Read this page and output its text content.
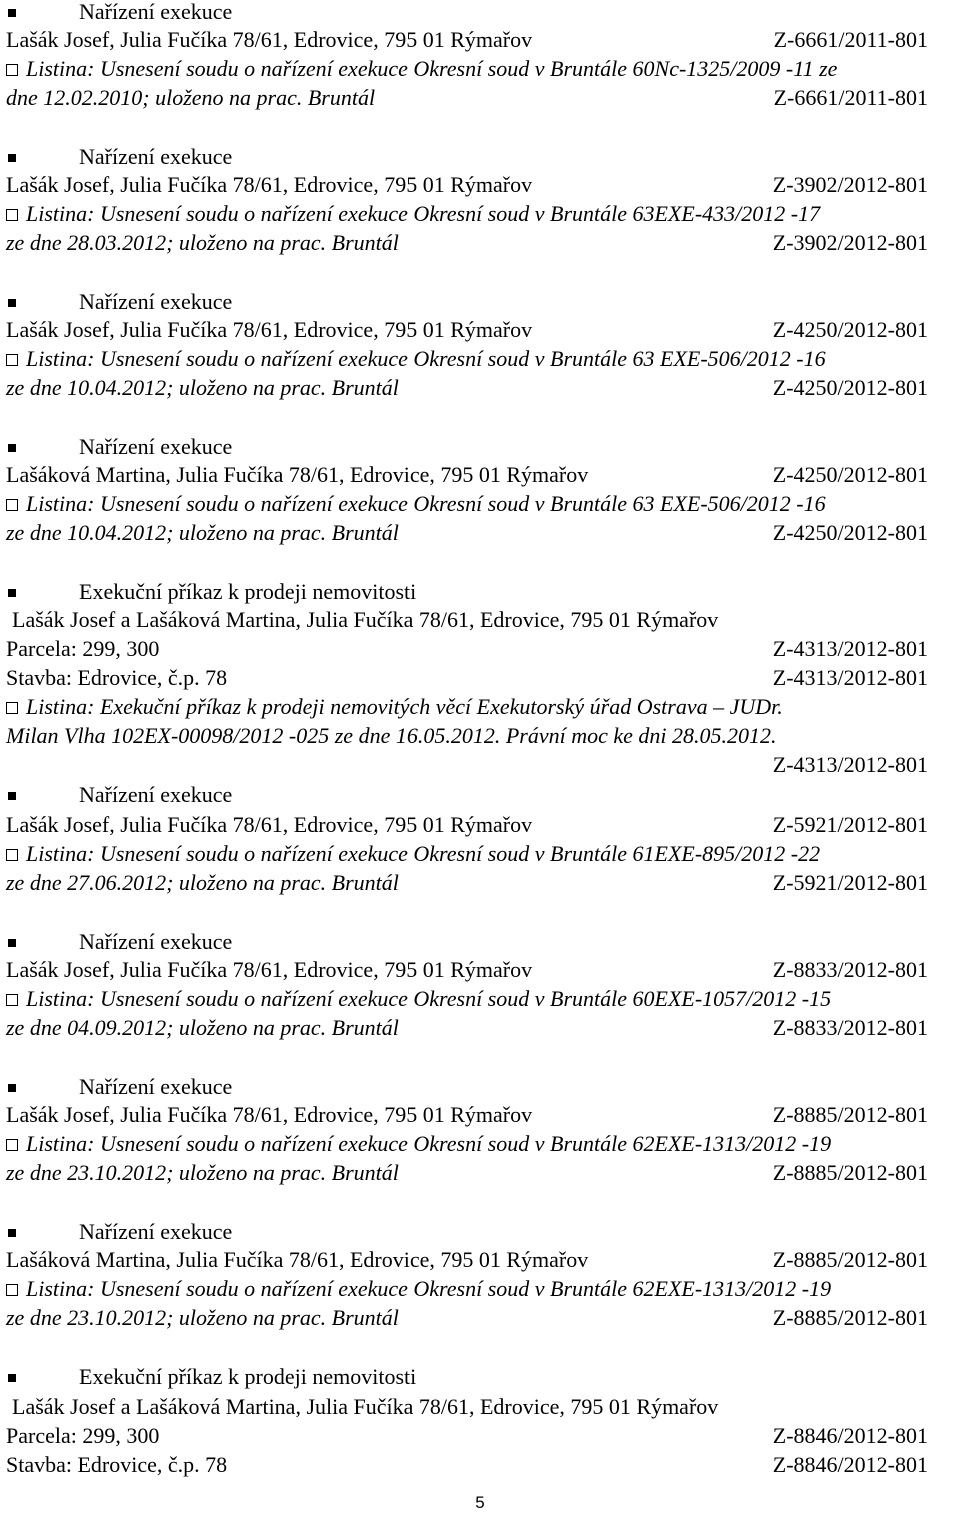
Nařízení exekuce
Lašák Josef, Julia Fučíka 78/61, Edrovice, 795 01 Rýmařov	Z-6661/2011-801
Listina: Usnesení soudu o nařízení exekuce Okresní soud v Bruntále 60Nc-1325/2009 -11 ze
dne 12.02.2010; uloženo na prac. Bruntál	Z-6661/2011-801
Nařízení exekuce
Lašák Josef, Julia Fučíka 78/61, Edrovice, 795 01 Rýmařov	Z-3902/2012-801
Listina: Usnesení soudu o nařízení exekuce Okresní soud v Bruntále 63EXE-433/2012 -17
ze dne 28.03.2012; uloženo na prac. Bruntál	Z-3902/2012-801
Nařízení exekuce
Lašák Josef, Julia Fučíka 78/61, Edrovice, 795 01 Rýmařov	Z-4250/2012-801
Listina: Usnesení soudu o nařízení exekuce Okresní soud v Bruntále 63 EXE-506/2012 -16
ze dne 10.04.2012; uloženo na prac. Bruntál	Z-4250/2012-801
Nařízení exekuce
Lašáková Martina, Julia Fučíka 78/61, Edrovice, 795 01 Rýmařov	Z-4250/2012-801
Listina: Usnesení soudu o nařízení exekuce Okresní soud v Bruntále 63 EXE-506/2012 -16
ze dne 10.04.2012; uloženo na prac. Bruntál	Z-4250/2012-801
Exekuční příkaz k prodeji nemovitosti
Lašák Josef a Lašáková Martina, Julia Fučíka 78/61, Edrovice, 795 01 Rýmařov
Parcela: 299, 300	Z-4313/2012-801
Stavba: Edrovice, č.p. 78	Z-4313/2012-801
Listina: Exekuční příkaz k prodeji nemovitých věcí Exekutorský úřad Ostrava – JUDr.
Milan Vlha 102EX-00098/2012 -025 ze dne 16.05.2012. Právní moc ke dni 28.05.2012.
Z-4313/2012-801
Nařízení exekuce
Lašák Josef, Julia Fučíka 78/61, Edrovice, 795 01 Rýmařov	Z-5921/2012-801
Listina: Usnesení soudu o nařízení exekuce Okresní soud v Bruntále 61EXE-895/2012 -22
ze dne 27.06.2012; uloženo na prac. Bruntál	Z-5921/2012-801
Nařízení exekuce
Lašák Josef, Julia Fučíka 78/61, Edrovice, 795 01 Rýmařov	Z-8833/2012-801
Listina: Usnesení soudu o nařízení exekuce Okresní soud v Bruntále 60EXE-1057/2012 -15
ze dne 04.09.2012; uloženo na prac. Bruntál	Z-8833/2012-801
Nařízení exekuce
Lašák Josef, Julia Fučíka 78/61, Edrovice, 795 01 Rýmařov	Z-8885/2012-801
Listina: Usnesení soudu o nařízení exekuce Okresní soud v Bruntále 62EXE-1313/2012 -19
ze dne 23.10.2012; uloženo na prac. Bruntál	Z-8885/2012-801
Nařízení exekuce
Lašáková Martina, Julia Fučíka 78/61, Edrovice, 795 01 Rýmařov	Z-8885/2012-801
Listina: Usnesení soudu o nařízení exekuce Okresní soud v Bruntále 62EXE-1313/2012 -19
ze dne 23.10.2012; uloženo na prac. Bruntál	Z-8885/2012-801
Exekuční příkaz k prodeji nemovitosti
Lašák Josef a Lašáková Martina, Julia Fučíka 78/61, Edrovice, 795 01 Rýmařov
Parcela: 299, 300	Z-8846/2012-801
Stavba: Edrovice, č.p. 78	Z-8846/2012-801
5
